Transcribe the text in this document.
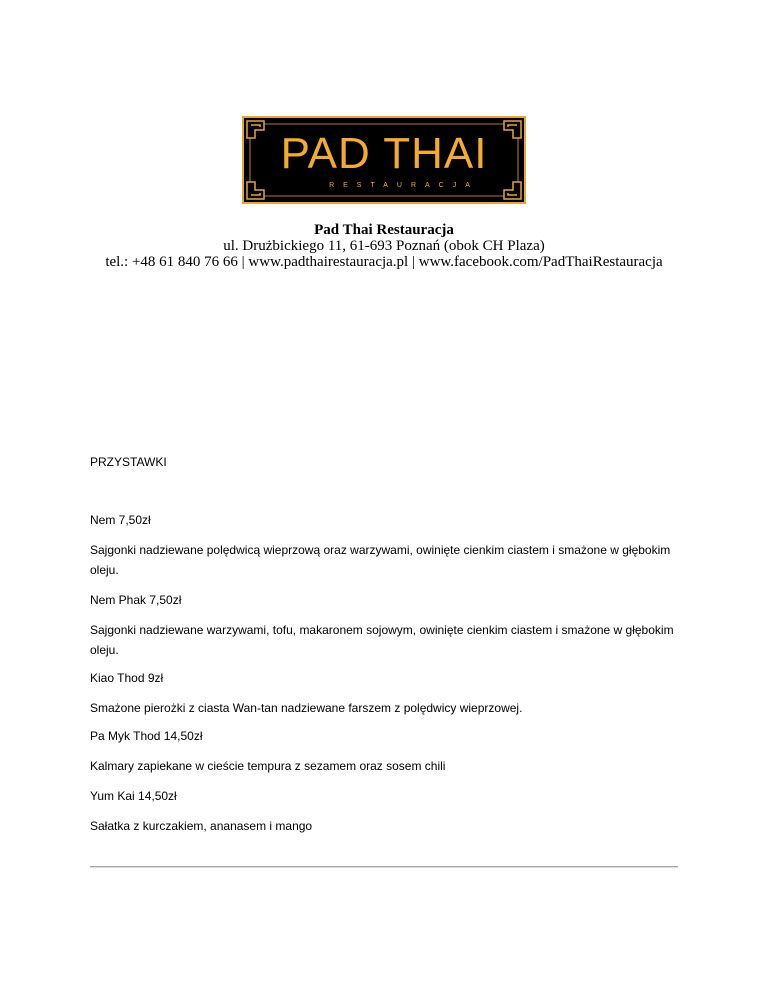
PAD THAI
RESTAURACJA
Pad Thai Restauracja
ul. Drużbickiego 11, 61-693 Poznań (obok CH Plaza)
tel.: +48 61 840 76 66 | www.padthairestauracja.pl | www.facebook.com/PadThaiRestauracja
PRZYSTAWKI
Nem 7,50zł
Sajgonki nadziewane polędwicą wieprzową oraz warzywami, owinięte cienkim ciastem i smażone w głębokim oleju.
Nem Phak 7,50zł
Sajgonki nadziewane warzywami, tofu, makaronem sojowym, owinięte cienkim ciastem i smażone w głębokim oleju.
Kiao Thod 9zł
Smażone pierożki z ciasta Wan-tan nadziewane farszem z polędwicy wieprzowej.
Pa Myk Thod 14,50zł
Kalmary zapiekane w cieście tempura z sezamem oraz sosem chili
Yum Kai 14,50zł
Sałatka z kurczakiem, ananasem i mango
